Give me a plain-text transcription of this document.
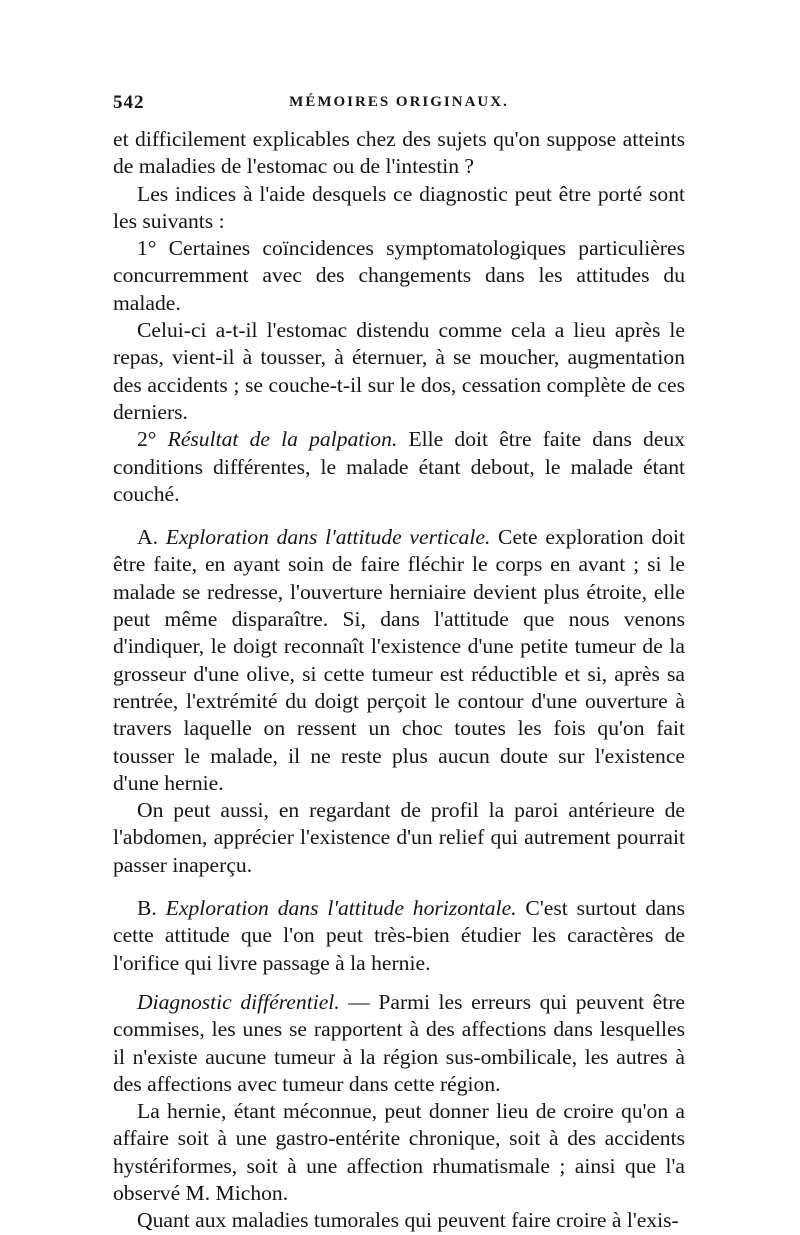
542	MÉMOIRES ORIGINAUX.

et difficilement explicables chez des sujets qu'on suppose atteints de maladies de l'estomac ou de l'intestin ?

Les indices à l'aide desquels ce diagnostic peut être porté sont les suivants :

1° Certaines coïncidences symptomatologiques particulières concurremment avec des changements dans les attitudes du malade.

Celui-ci a-t-il l'estomac distendu comme cela a lieu après le repas, vient-il à tousser, à éternuer, à se moucher, augmentation des accidents ; se couche-t-il sur le dos, cessation complète de ces derniers.

2° Résultat de la palpation. Elle doit être faite dans deux conditions différentes, le malade étant debout, le malade étant couché.

A. Exploration dans l'attitude verticale. Cete exploration doit être faite, en ayant soin de faire fléchir le corps en avant ; si le malade se redresse, l'ouverture herniaire devient plus étroite, elle peut même disparaître. Si, dans l'attitude que nous venons d'indiquer, le doigt reconnaît l'existence d'une petite tumeur de la grosseur d'une olive, si cette tumeur est réductible et si, après sa rentrée, l'extrémité du doigt perçoit le contour d'une ouverture à travers laquelle on ressent un choc toutes les fois qu'on fait tousser le malade, il ne reste plus aucun doute sur l'existence d'une hernie.

On peut aussi, en regardant de profil la paroi antérieure de l'abdomen, apprécier l'existence d'un relief qui autrement pourrait passer inaperçu.

B. Exploration dans l'attitude horizontale. C'est surtout dans cette attitude que l'on peut très-bien étudier les caractères de l'orifice qui livre passage à la hernie.

Diagnostic différentiel. — Parmi les erreurs qui peuvent être commises, les unes se rapportent à des affections dans lesquelles il n'existe aucune tumeur à la région sus-ombilicale, les autres à des affections avec tumeur dans cette région.

La hernie, étant méconnue, peut donner lieu de croire qu'on a affaire soit à une gastro-entérite chronique, soit à des accidents hystériformes, soit à une affection rhumatismale ; ainsi que l'a observé M. Michon.

Quant aux maladies tumorales qui peuvent faire croire à l'exis-
